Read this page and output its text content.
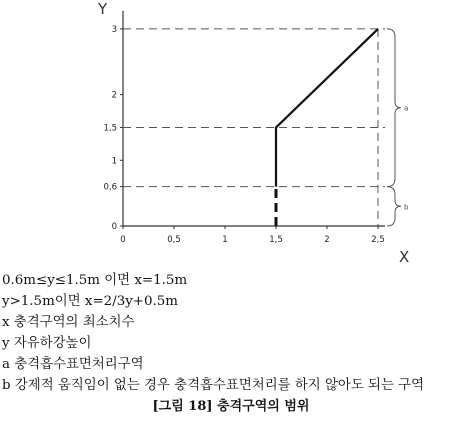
Y
X
0
0,6
1
1,5
2
3
0	0,5	1	1,5	2	2,5
a
b
0.6m≤y≤1.5m 이면 x=1.5m
y>1.5m이면 x=2/3y+0.5m
x 충격구역의 최소치수
y 자유하강높이
a 충격흡수표면처리구역
b 강제적 움직임이 없는 경우 충격흡수표면처리를 하지 않아도 되는 구역
[그림 18] 충격구역의 범위
